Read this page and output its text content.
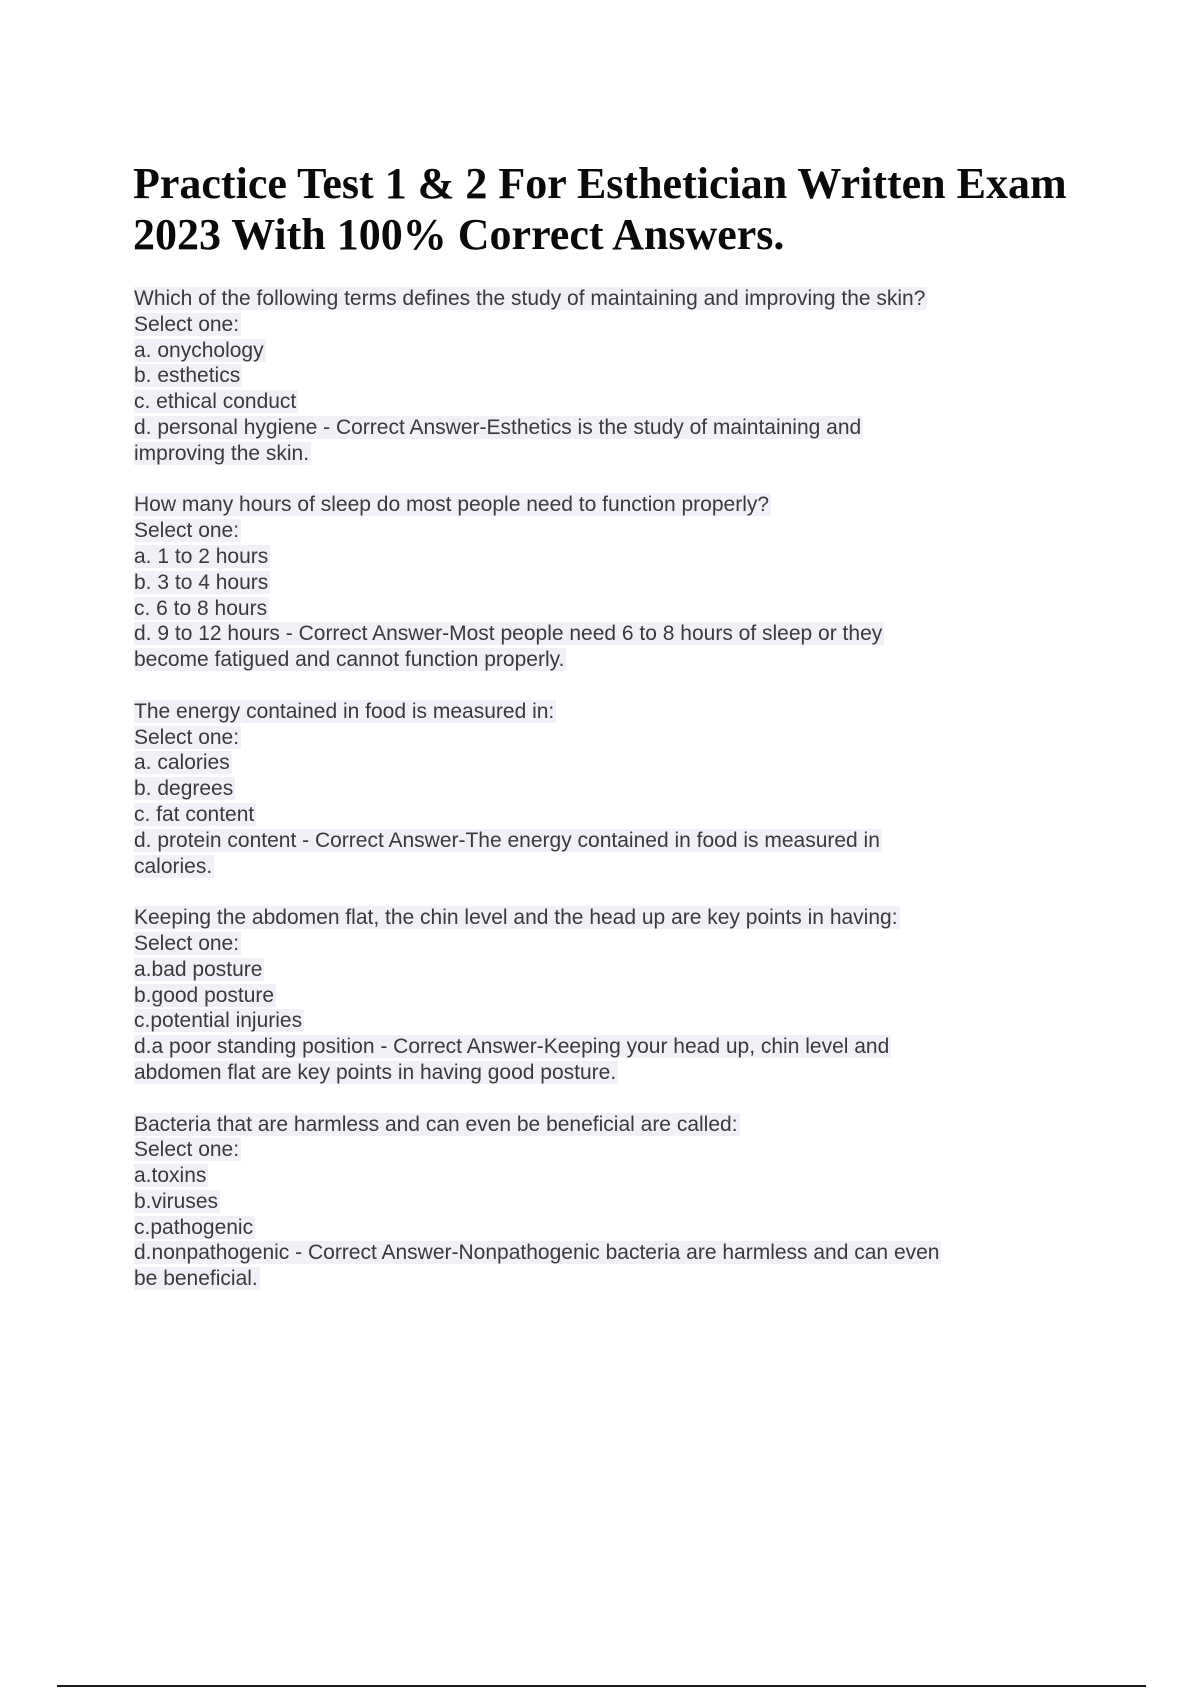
Practice Test 1 & 2 For Esthetician Written Exam
2023 With 100% Correct Answers.
Which of the following terms defines the study of maintaining and improving the skin?
Select one:
a. onychology
b. esthetics
c. ethical conduct
d. personal hygiene - Correct Answer-Esthetics is the study of maintaining and
improving the skin.
How many hours of sleep do most people need to function properly?
Select one:
a. 1 to 2 hours
b. 3 to 4 hours
c. 6 to 8 hours
d. 9 to 12 hours - Correct Answer-Most people need 6 to 8 hours of sleep or they
become fatigued and cannot function properly.
The energy contained in food is measured in:
Select one:
a. calories
b. degrees
c. fat content
d. protein content - Correct Answer-The energy contained in food is measured in
calories.
Keeping the abdomen flat, the chin level and the head up are key points in having:
Select one:
a.bad posture
b.good posture
c.potential injuries
d.a poor standing position - Correct Answer-Keeping your head up, chin level and
abdomen flat are key points in having good posture.
Bacteria that are harmless and can even be beneficial are called:
Select one:
a.toxins
b.viruses
c.pathogenic
d.nonpathogenic - Correct Answer-Nonpathogenic bacteria are harmless and can even
be beneficial.
